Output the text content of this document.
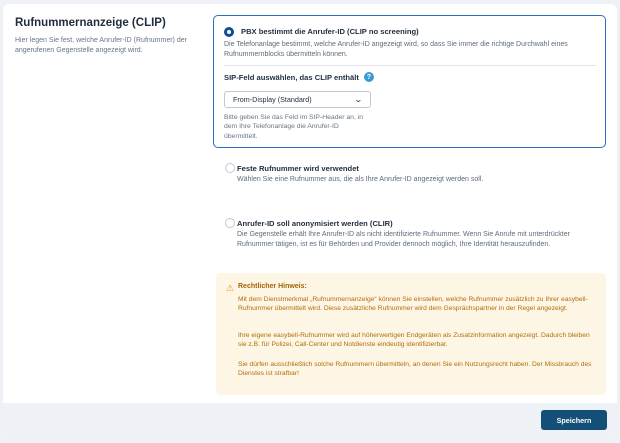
Rufnummernanzeige (CLIP)

Hier legen Sie fest, welche Anrufer-ID (Rufnummer) der angerufenen Gegenstelle angezeigt wird.

PBX bestimmt die Anrufer-ID (CLIP no screening)
Die Telefonanlage bestimmt, welche Anrufer-ID angezeigt wird, so dass Sie immer die richtige Durchwahl eines Rufnummernblocks übermitteln können.
SIP-Feld auswählen, das CLIP enthält	?
From-Display (Standard)	⌄
Bitte geben Sie das Feld im SIP-Header an, in dem Ihre Telefonanlage die Anrufer-ID übermittelt.
Feste Rufnummer wird verwendet
Wählen Sie eine Rufnummer aus, die als Ihre Anrufer-ID angezeigt werden soll.
Anrufer-ID soll anonymisiert werden (CLIR)
Die Gegenstelle erhält Ihre Anrufer-ID als nicht identifizierte Rufnummer. Wenn Sie Anrufe mit unterdrückter Rufnummer tätigen, ist es für Behörden und Provider dennoch möglich, Ihre Identität herauszufinden.
⚠ Rechtlicher Hinweis:
Mit dem Dienstmerkmal „Rufnummernanzeige“ können Sie einstellen, welche Rufnummer zusätzlich zu Ihrer easybell-Rufnummer übermittelt wird. Diese zusätzliche Rufnummer wird dem Gesprächspartner in der Regel angezeigt.
Ihre eigene easybell-Rufnummer wird auf höherwertigen Endgeräten als Zusatzinformation angezeigt. Dadurch bleiben sie z.B. für Polizei, Call-Center und Notdienste eindeutig identifizierbar.
Sie dürfen ausschließlich solche Rufnummern übermitteln, an denen Sie ein Nutzungsrecht haben. Der Missbrauch des Dienstes ist strafbar!
Speichern
